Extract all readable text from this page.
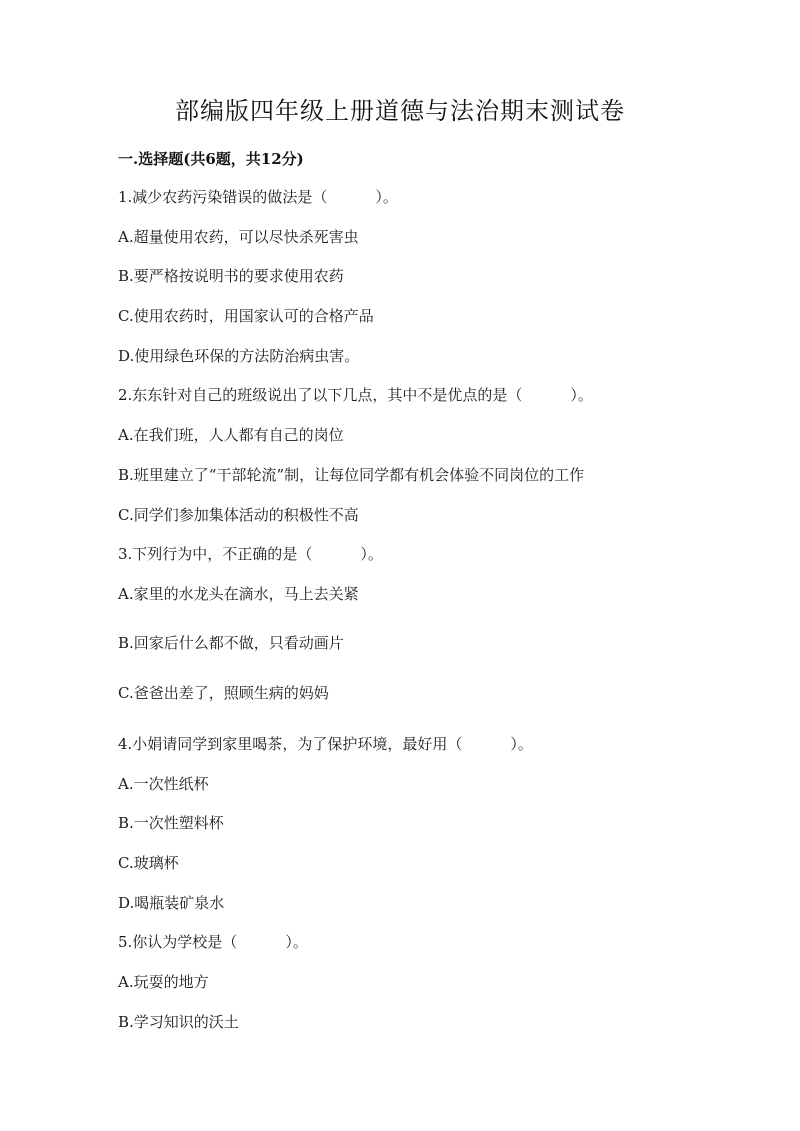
部编版四年级上册道德与法治期末测试卷
一.选择题(共6题，共12分)
1.减少农药污染错误的做法是（	）。
A.超量使用农药，可以尽快杀死害虫
B.要严格按说明书的要求使用农药
C.使用农药时，用国家认可的合格产品
D.使用绿色环保的方法防治病虫害。
2.东东针对自己的班级说出了以下几点，其中不是优点的是（	）。
A.在我们班，人人都有自己的岗位
B.班里建立了“干部轮流”制，让每位同学都有机会体验不同岗位的工作
C.同学们参加集体活动的积极性不高
3.下列行为中，不正确的是（	）。
A.家里的水龙头在滴水，马上去关紧
B.回家后什么都不做，只看动画片
C.爸爸出差了，照顾生病的妈妈
4.小娟请同学到家里喝茶，为了保护环境，最好用（	）。
A.一次性纸杯
B.一次性塑料杯
C.玻璃杯
D.喝瓶装矿泉水
5.你认为学校是（	）。
A.玩耍的地方
B.学习知识的沃土
